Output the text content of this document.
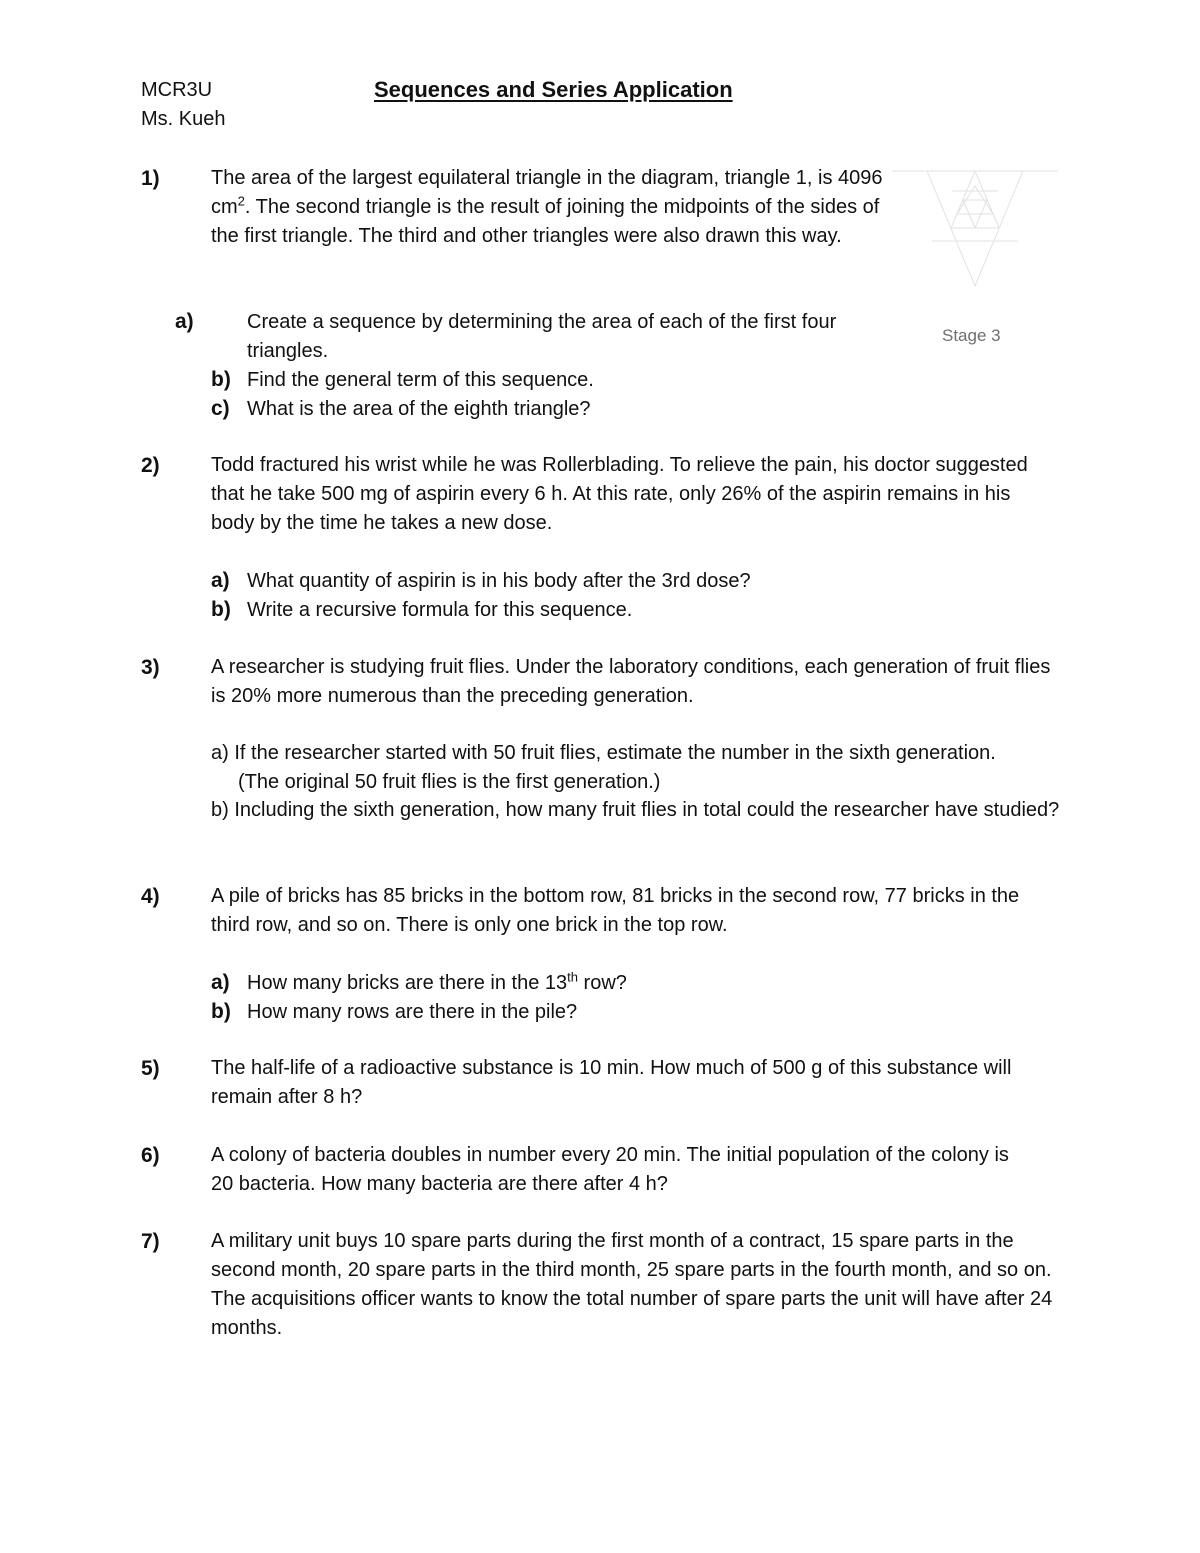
MCR3U
Ms. Kueh
Sequences and Series Application
1)	The area of the largest equilateral triangle in the diagram, triangle 1, is 4096 $cm^2$. The second triangle is the result of joining the midpoints of the sides of the first triangle. The third and other triangles were also drawn this way.
Stage 3
a)	Create a sequence by determining the area of each of the first four triangles.
b) Find the general term of this sequence.
c) What is the area of the eighth triangle?
2)	Todd fractured his wrist while he was Rollerblading. To relieve the pain, his doctor suggested that he take 500 mg of aspirin every 6 h. At this rate, only 26% of the aspirin remains in his body by the time he takes a new dose.
a) What quantity of aspirin is in his body after the 3rd dose?
b) Write a recursive formula for this sequence.
3)	A researcher is studying fruit flies. Under the laboratory conditions, each generation of fruit flies is 20% more numerous than the preceding generation.
a) If the researcher started with 50 fruit flies, estimate the number in the sixth generation. (The original 50 fruit flies is the first generation.)
b) Including the sixth generation, how many fruit flies in total could the researcher have studied?
4)	A pile of bricks has 85 bricks in the bottom row, 81 bricks in the second row, 77 bricks in the third row, and so on. There is only one brick in the top row.
a) How many bricks are there in the 13th row?
b) How many rows are there in the pile?
5)	The half-life of a radioactive substance is 10 min. How much of 500 g of this substance will remain after 8 h?
6)	A colony of bacteria doubles in number every 20 min. The initial population of the colony is 20 bacteria. How many bacteria are there after 4 h?
7)	A military unit buys 10 spare parts during the first month of a contract, 15 spare parts in the second month, 20 spare parts in the third month, 25 spare parts in the fourth month, and so on. The acquisitions officer wants to know the total number of spare parts the unit will have after 24 months.
